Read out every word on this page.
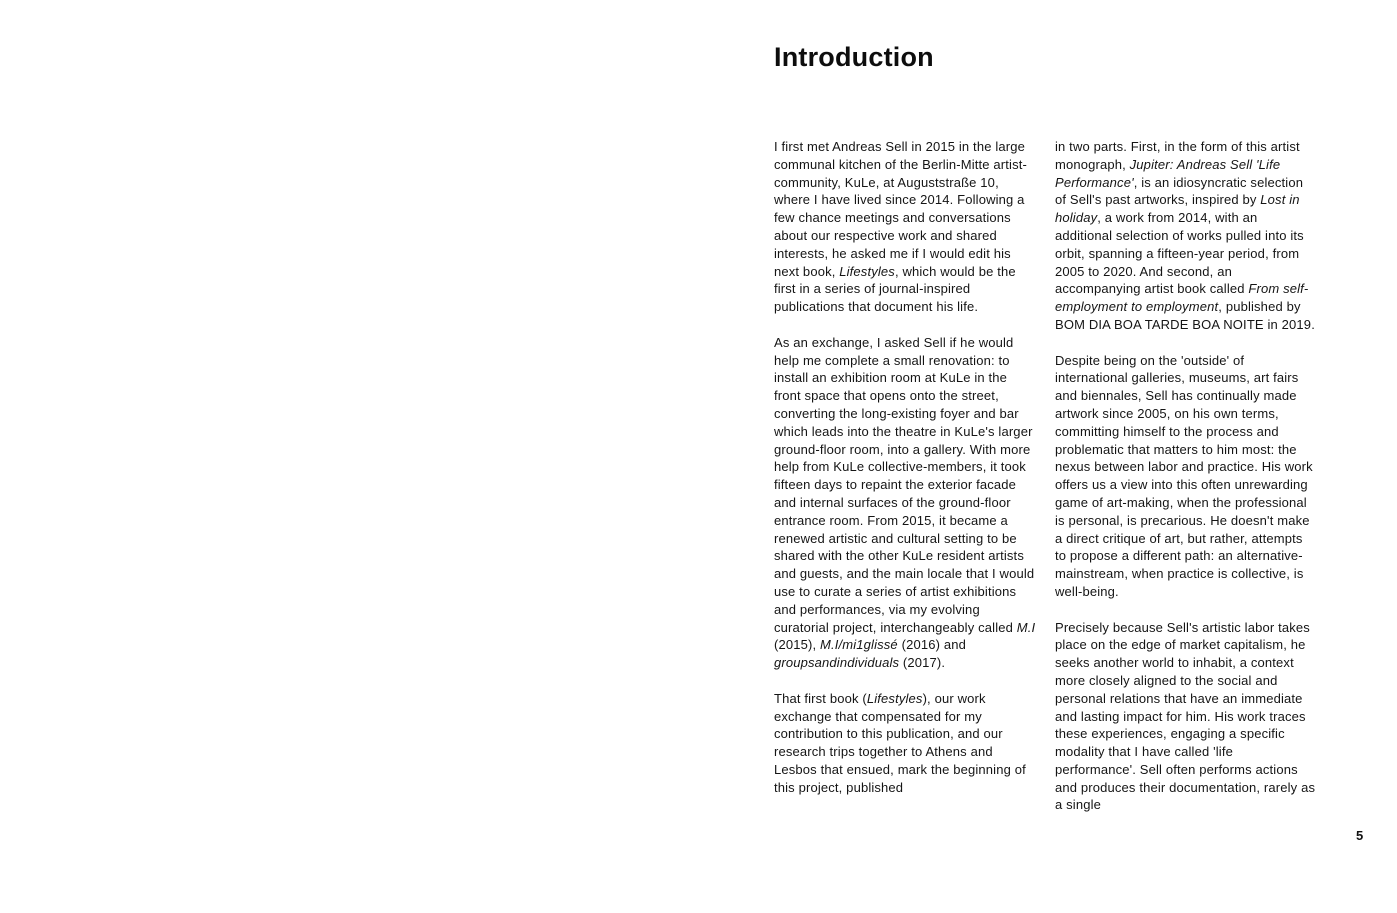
Introduction

I first met Andreas Sell in 2015 in the large communal kitchen of the Berlin-Mitte artist-community, KuLe, at Auguststraße 10, where I have lived since 2014. Following a few chance meetings and conversations about our respective work and shared interests, he asked me if I would edit his next book, Lifestyles, which would be the first in a series of journal-inspired publications that document his life.

As an exchange, I asked Sell if he would help me complete a small renovation: to install an exhibition room at KuLe in the front space that opens onto the street, converting the long-existing foyer and bar which leads into the theatre in KuLe's larger ground-floor room, into a gallery. With more help from KuLe collective-members, it took fifteen days to repaint the exterior facade and internal surfaces of the ground-floor entrance room. From 2015, it became a renewed artistic and cultural setting to be shared with the other KuLe resident artists and guests, and the main locale that I would use to curate a series of artist exhibitions and performances, via my evolving curatorial project, interchangeably called M.I (2015), M.I/mi1glissé (2016) and groupsandindividuals (2017).

That first book (Lifestyles), our work exchange that compensated for my contribution to this publication, and our research trips together to Athens and Lesbos that ensued, mark the beginning of this project, published

in two parts. First, in the form of this artist monograph, Jupiter: Andreas Sell 'Life Performance', is an idiosyncratic selection of Sell's past artworks, inspired by Lost in holiday, a work from 2014, with an additional selection of works pulled into its orbit, spanning a fifteen-year period, from 2005 to 2020. And second, an accompanying artist book called From self-employment to employment, published by BOM DIA BOA TARDE BOA NOITE in 2019.

Despite being on the 'outside' of international galleries, museums, art fairs and biennales, Sell has continually made artwork since 2005, on his own terms, committing himself to the process and problematic that matters to him most: the nexus between labor and practice. His work offers us a view into this often unrewarding game of art-making, when the professional is personal, is precarious. He doesn't make a direct critique of art, but rather, attempts to propose a different path: an alternative-mainstream, when practice is collective, is well-being.

Precisely because Sell's artistic labor takes place on the edge of market capitalism, he seeks another world to inhabit, a context more closely aligned to the social and personal relations that have an immediate and lasting impact for him. His work traces these experiences, engaging a specific modality that I have called 'life performance'. Sell often performs actions and produces their documentation, rarely as a single

5
